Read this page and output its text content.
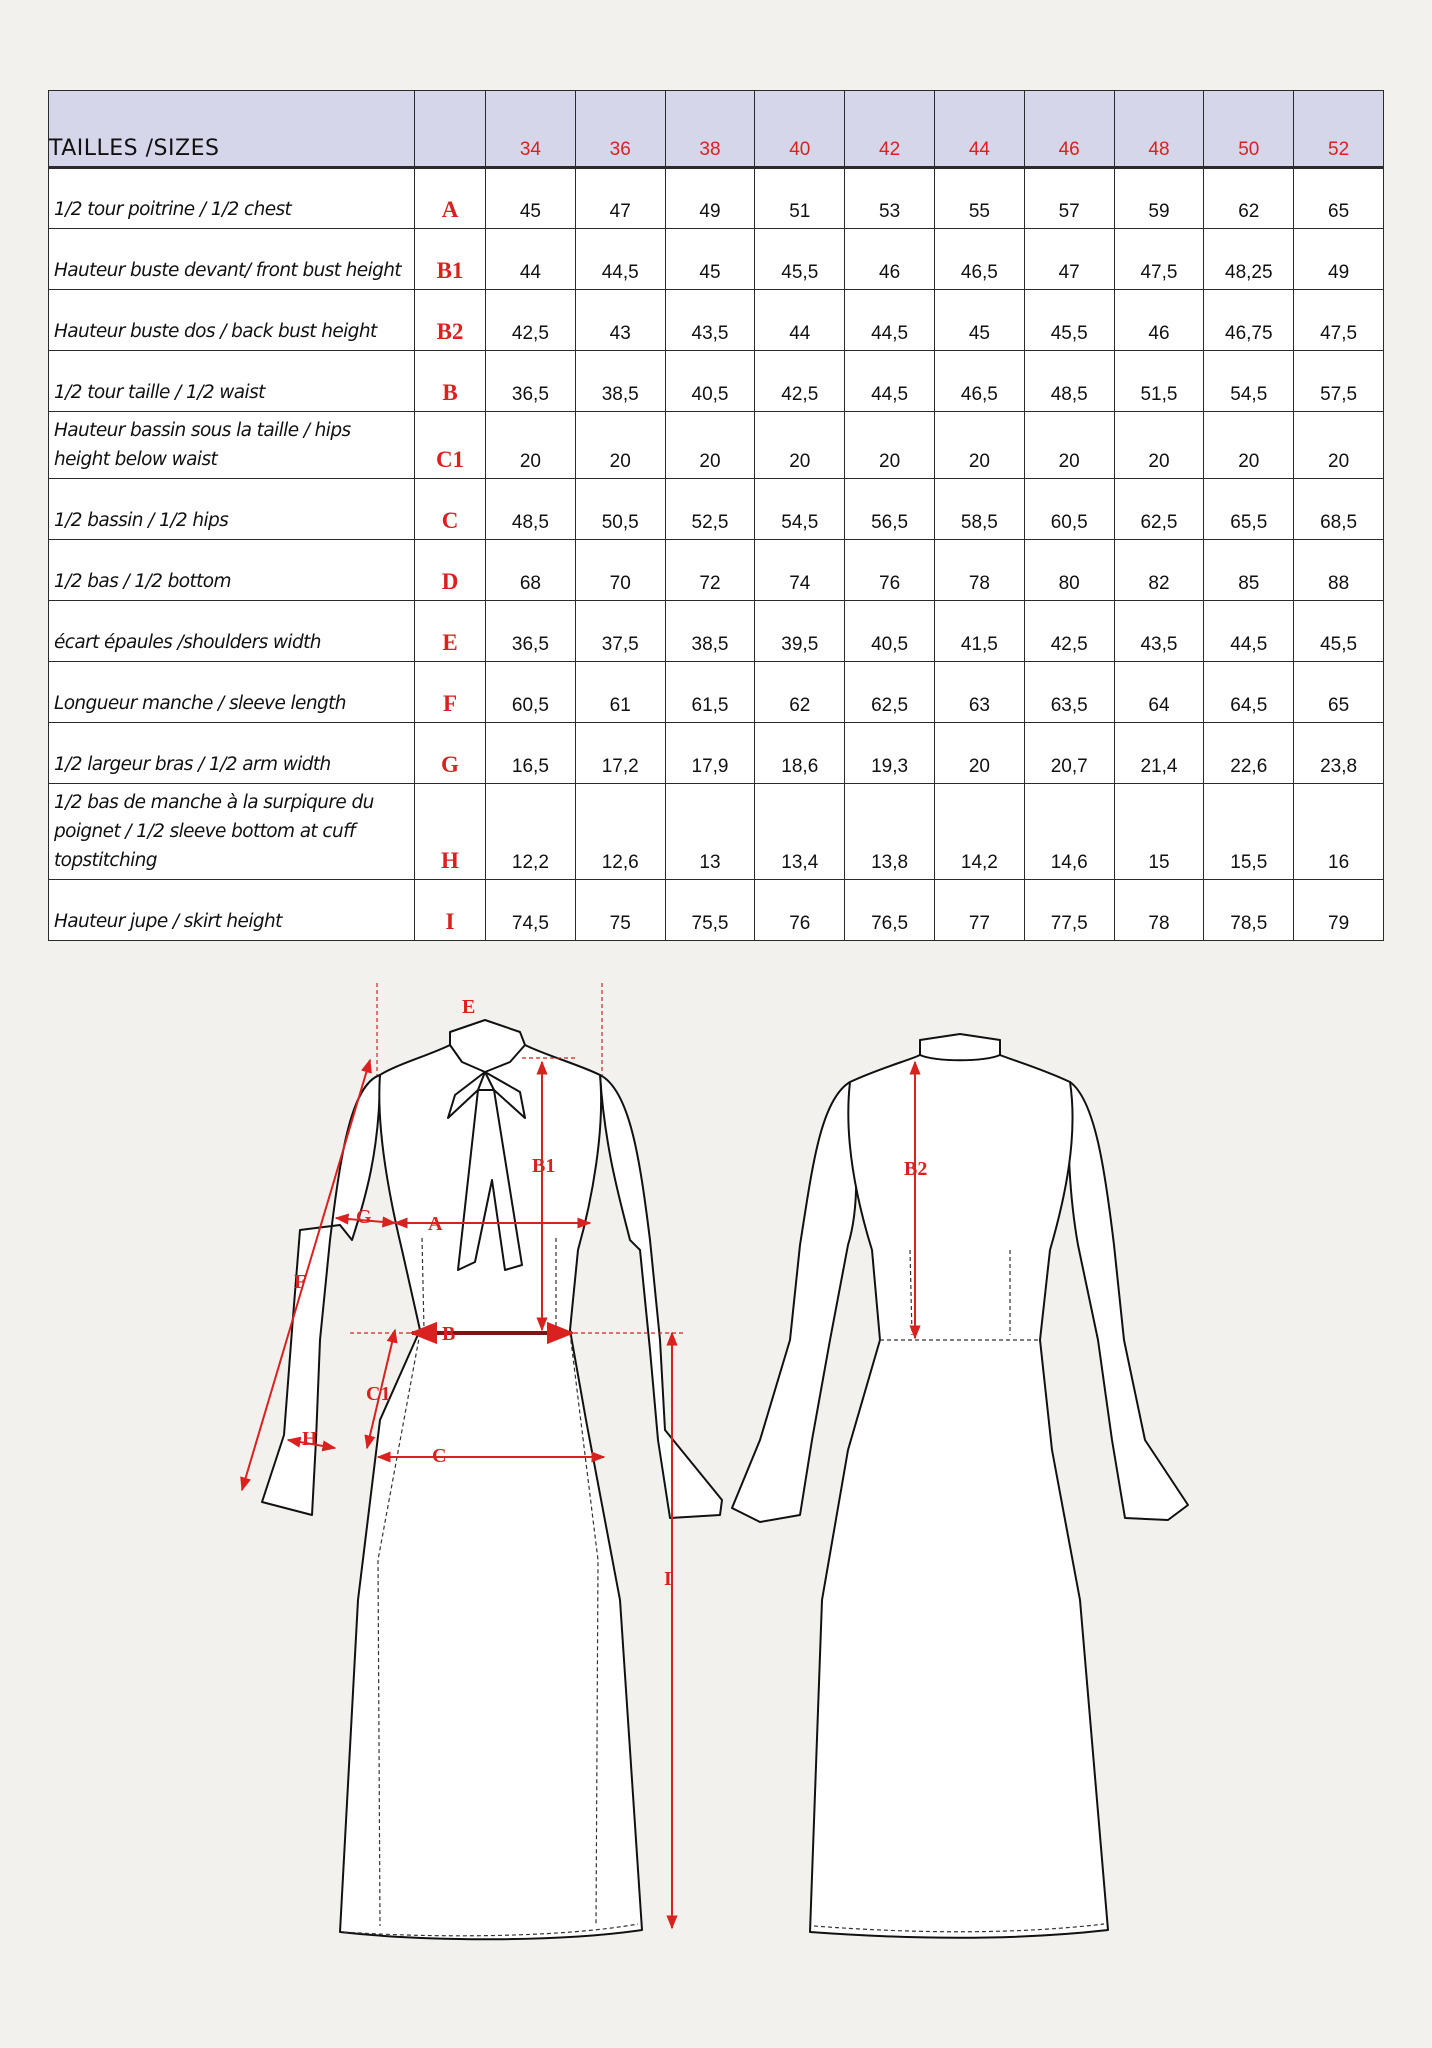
TAILLES /SIZES		34	36	38	40	42	44	46	48	50	52
1/2 tour poitrine / 1/2 chest	A	45	47	49	51	53	55	57	59	62	65
Hauteur buste devant/ front bust height	B1	44	44,5	45	45,5	46	46,5	47	47,5	48,25	49
Hauteur buste dos / back bust height	B2	42,5	43	43,5	44	44,5	45	45,5	46	46,75	47,5
1/2 tour taille / 1/2 waist	B	36,5	38,5	40,5	42,5	44,5	46,5	48,5	51,5	54,5	57,5
Hauteur bassin sous la taille / hips height below waist	C1	20	20	20	20	20	20	20	20	20	20
1/2 bassin / 1/2 hips	C	48,5	50,5	52,5	54,5	56,5	58,5	60,5	62,5	65,5	68,5
1/2 bas / 1/2 bottom	D	68	70	72	74	76	78	80	82	85	88
écart épaules /shoulders width	E	36,5	37,5	38,5	39,5	40,5	41,5	42,5	43,5	44,5	45,5
Longueur manche / sleeve length	F	60,5	61	61,5	62	62,5	63	63,5	64	64,5	65
1/2 largeur bras / 1/2 arm width	G	16,5	17,2	17,9	18,6	19,3	20	20,7	21,4	22,6	23,8
1/2 bas de manche à la surpiqure du poignet / 1/2 sleeve bottom at cuff topstitching	H	12,2	12,6	13	13,4	13,8	14,2	14,6	15	15,5	16
Hauteur jupe / skirt height	I	74,5	75	75,5	76	76,5	77	77,5	78	78,5	79
E
B1	B2
G	A
F
B
C1
H
C
I
